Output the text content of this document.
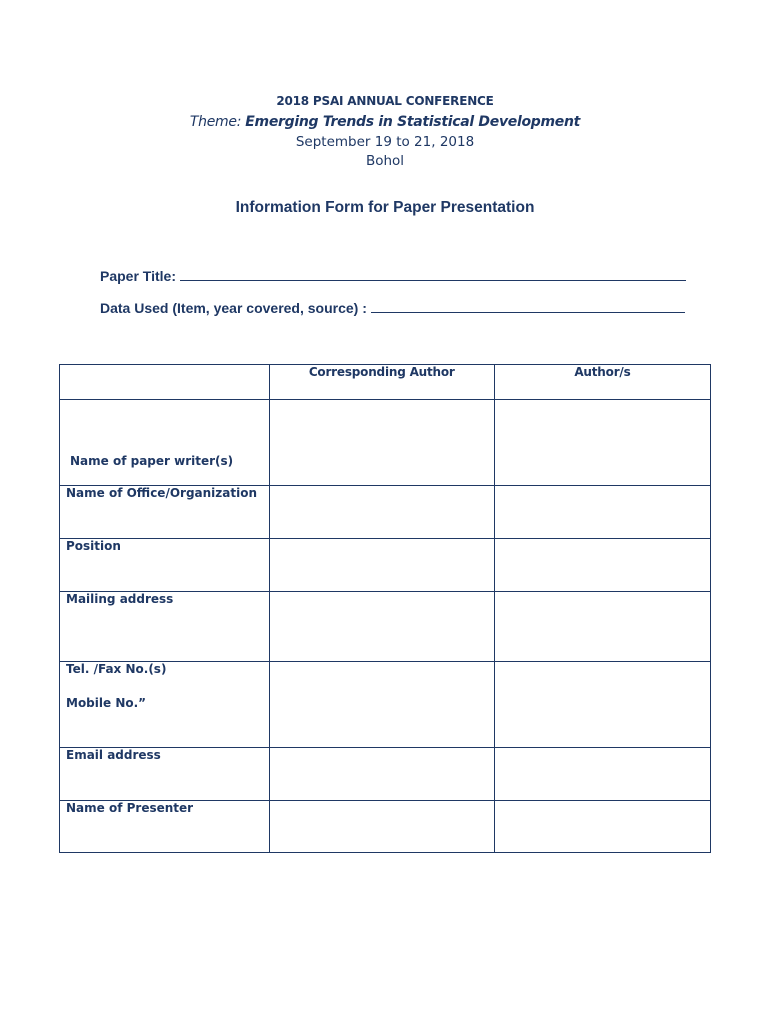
2018 PSAI ANNUAL CONFERENCE
Theme: Emerging Trends in Statistical Development
September 19 to 21, 2018
Bohol
Information Form for Paper Presentation
Paper Title:
Data Used (Item, year covered, source) :
	Corresponding Author	Author/s

Name of paper writer(s)		

Name of Office/Organization		

Position		

Mailing address		

Tel. /Fax No.(s)
Mobile No.”		

Email address		

Name of Presenter		
